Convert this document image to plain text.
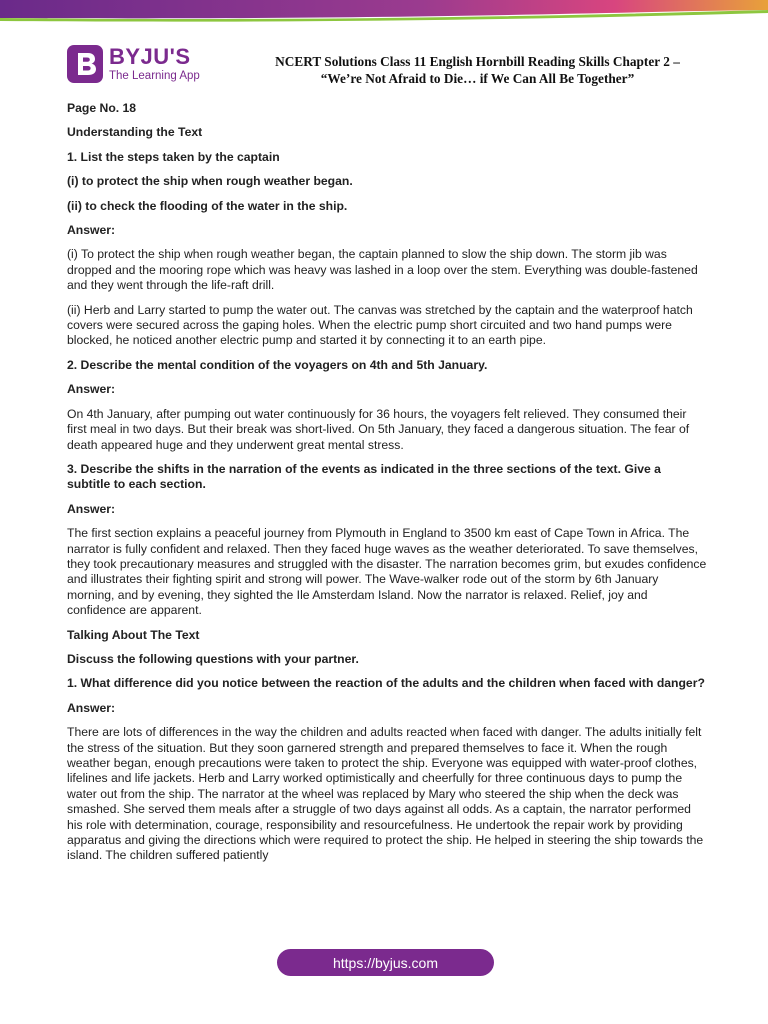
BYJU'S
The Learning App
NCERT Solutions Class 11 English Hornbill Reading Skills Chapter 2 –
“We’re Not Afraid to Die… if We Can All Be Together”

Page No. 18

Understanding the Text

1. List the steps taken by the captain

(i) to protect the ship when rough weather began.

(ii) to check the flooding of the water in the ship.

Answer:

(i) To protect the ship when rough weather began, the captain planned to slow the ship down. The storm jib was dropped and the mooring rope which was heavy was lashed in a loop over the stem. Everything was double-fastened and they went through the life-raft drill.

(ii) Herb and Larry started to pump the water out. The canvas was stretched by the captain and the waterproof hatch covers were secured across the gaping holes. When the electric pump short circuited and two hand pumps were blocked, he noticed another electric pump and started it by connecting it to an earth pipe.

2. Describe the mental condition of the voyagers on 4th and 5th January.

Answer:

On 4th January, after pumping out water continuously for 36 hours, the voyagers felt relieved. They consumed their first meal in two days. But their break was short-lived. On 5th January, they faced a dangerous situation. The fear of death appeared huge and they underwent great mental stress.

3. Describe the shifts in the narration of the events as indicated in the three sections of the text. Give a subtitle to each section.

Answer:

The first section explains a peaceful journey from Plymouth in England to 3500 km east of Cape Town in Africa. The narrator is fully confident and relaxed. Then they faced huge waves as the weather deteriorated. To save themselves, they took precautionary measures and struggled with the disaster. The narration becomes grim, but exudes confidence and illustrates their fighting spirit and strong will power. The Wave-walker rode out of the storm by 6th January morning, and by evening, they sighted the Ile Amsterdam Island. Now the narrator is relaxed. Relief, joy and confidence are apparent.

Talking About The Text

Discuss the following questions with your partner.

1. What difference did you notice between the reaction of the adults and the children when faced with danger?

Answer:

There are lots of differences in the way the children and adults reacted when faced with danger. The adults initially felt the stress of the situation. But they soon garnered strength and prepared themselves to face it. When the rough weather began, enough precautions were taken to protect the ship. Everyone was equipped with water-proof clothes, lifelines and life jackets. Herb and Larry worked optimistically and cheerfully for three continuous days to pump the water out from the ship. The narrator at the wheel was replaced by Mary who steered the ship when the deck was smashed. She served them meals after a struggle of two days against all odds. As a captain, the narrator performed his role with determination, courage, responsibility and resourcefulness. He undertook the repair work by providing apparatus and giving the directions which were required to protect the ship. He helped in steering the ship towards the island. The children suffered patiently

https://byjus.com
